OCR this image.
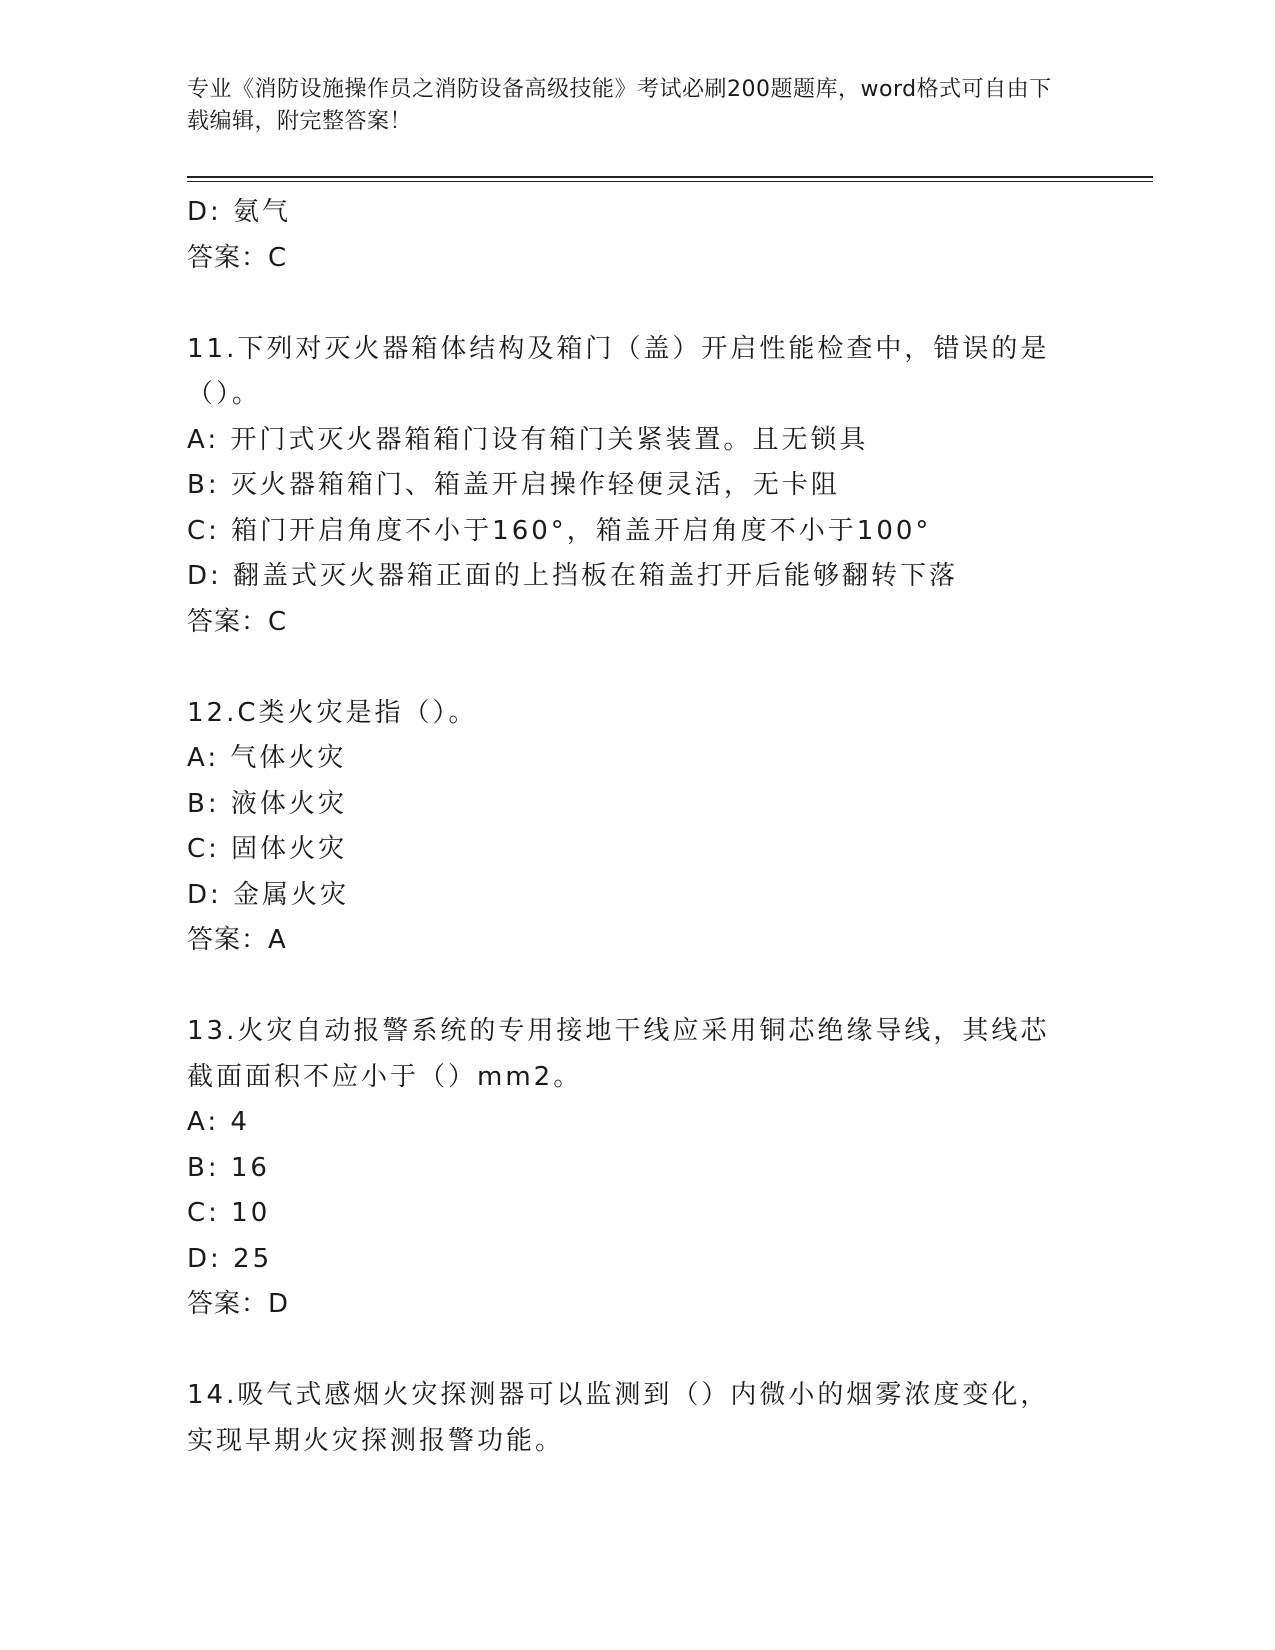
专业《消防设施操作员之消防设备高级技能》考试必刷200题题库，word格式可自由下载编辑，附完整答案！
D: 氨气
答案：C
11.下列对灭火器箱体结构及箱门（盖）开启性能检查中，错误的是（）。
A: 开门式灭火器箱箱门设有箱门关紧装置。且无锁具
B: 灭火器箱箱门、箱盖开启操作轻便灵活，无卡阻
C: 箱门开启角度不小于160°，箱盖开启角度不小于100°
D: 翻盖式灭火器箱正面的上挡板在箱盖打开后能够翻转下落
答案：C
12.C类火灾是指（）。
A: 气体火灾
B: 液体火灾
C: 固体火灾
D: 金属火灾
答案：A
13.火灾自动报警系统的专用接地干线应采用铜芯绝缘导线，其线芯截面面积不应小于（）mm2。
A: 4
B: 16
C: 10
D: 25
答案：D
14.吸气式感烟火灾探测器可以监测到（）内微小的烟雾浓度变化，实现早期火灾探测报警功能。
